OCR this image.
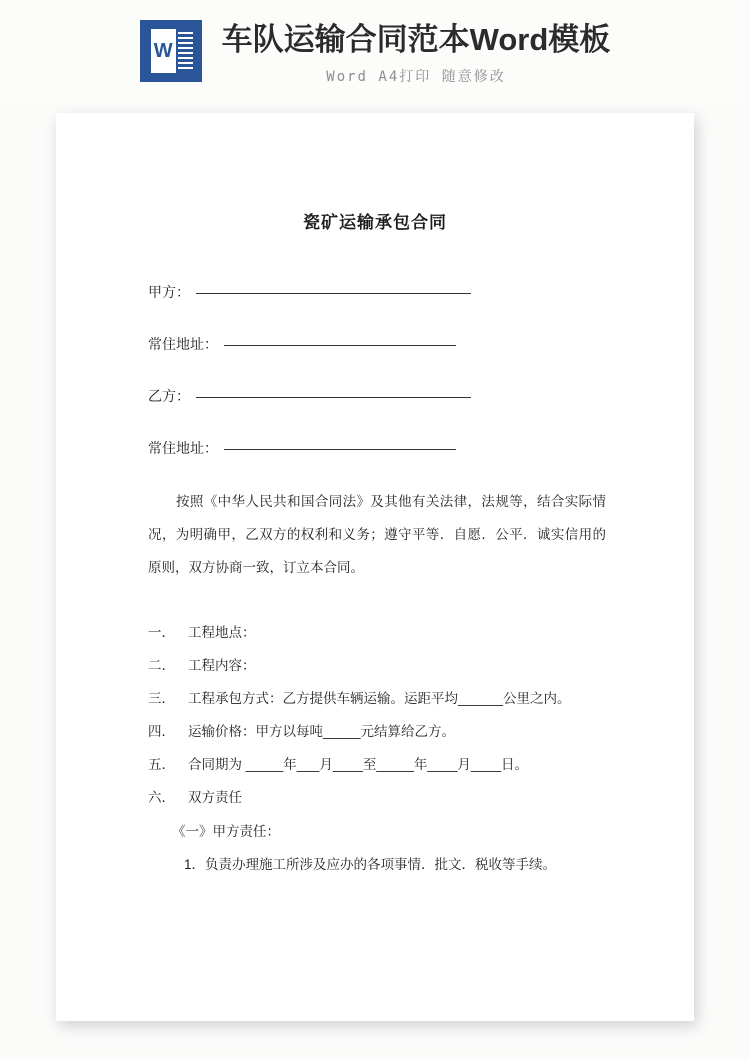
W 车队运输合同范本Word模板
Word A4打印 随意修改
瓷矿运输承包合同
甲方：
常住地址：
乙方：
常住地址：
按照《中华人民共和国合同法》及其他有关法律，法规等，结合实际情况，为明确甲，乙双方的权利和义务；遵守平等．自愿．公平．诚实信用的原则，双方协商一致，订立本合同。
一． 工程地点：
二． 工程内容：
三． 工程承包方式：乙方提供车辆运输。运距平均______公里之内。
四． 运输价格：甲方以每吨_____元结算给乙方。
五． 合同期为 _____年___月____至_____年____月____日。
六． 双方责任
《一》甲方责任：
1．负责办理施工所涉及应办的各项事情．批文．税收等手续。
